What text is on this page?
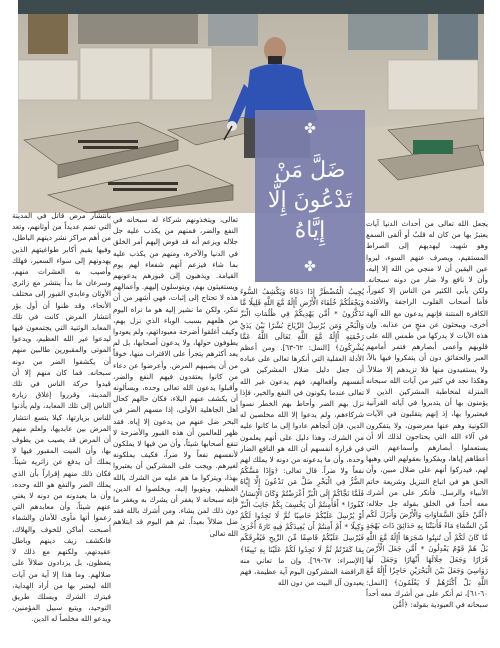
✤
ضَلَّ مَنْ
تَدْعُونَ إِلَّا
إِيَّاهُ
✤

يجعل الله تعالى من أحداث الدنيا آيات يعتبرُ بها من كان له قلبٌ أو ألقى السمع وهو شهيد، ليهديهم إلى الصراط المستقيم، ويصرف عنهم السوء، ليروا عين اليقين أن لا منجي من الله إلا إليه، وأن لا نافع ولا ضار من دونه سبحانه. ولكن يأبى الكثير من الناس إلا كفوراً، فأما أصحاب القلوب الراجفة والأفئدة الكافرة المنتنة فإنهم يدعون مع الله آلهة أخرى، ويبحثون عن منجٍ من عذابه. وإن هذه الآيات لا يدركها من طمس الله على قلوبهم وأعمى أبصارهم فتمر أمامهم العبر والحقائق دون أن يتفكروا فيها بالاً، ولا يستفيدون منها فلا تزيدهم إلا ضلالاً. وهكذا نجد في كثير من آيات الله سبحانه المنزلة لمخاطبة المشركين الذين لا يؤمنون بها أن يتدبروا في آياته القرآنية فيعتبروا بها، إذ إنهم يتقلبون في الآيات الكونية وهم عنها معرضون، ولا يتفكرون في آلاء الله التي يحتاجون لذلك ألا أن يستعملوا أبصارهم وأسماعهم التي أعطاهم إياها، ويفكروا بعقولهم التي وهبها لهم، فيدركوا أنهم على ضلال مبين، وأن الحق هو في اتباع التنزيل وشريعة خاتم الأنبياء والرسل. فأنكر على من أشرك معه أحداً في الخلق بقوله جل جلاله: ﴿أَمَّنْ خَلَقَ السَّمَاوَاتِ وَالْأَرْضَ وَأَنزَلَ لَكُم مِّنَ السَّمَاءِ مَاءً فَأَنبَتْنَا بِهِ حَدَائِقَ ذَاتَ بَهْجَةٍ مَّا كَانَ لَكُمْ أَن تُنبِتُوا شَجَرَهَا أَإِلَٰهٌ مَّعَ اللَّهِ بَلْ هُمْ قَوْمٌ يَعْدِلُونَ * أَمَّن جَعَلَ الْأَرْضَ قَرَارًا وَجَعَلَ خِلَالَهَا أَنْهَارًا وَجَعَلَ لَهَا رَوَاسِيَ وَجَعَلَ بَيْنَ الْبَحْرَيْنِ حَاجِزًا أَإِلَٰهٌ مَّعَ اللَّهِ بَلْ أَكْثَرُهُمْ لَا يَعْلَمُونَ﴾ [النمل: ٦٠-٦١]، ثم أنكر على من أشرك معه أحداً سبحانه في العبودية بقوله: ﴿أَمَّن

يُجِيبُ الْمُضْطَرَّ إِذَا دَعَاهُ وَيَكْشِفُ السُّوءَ وَيَجْعَلُكُمْ خُلَفَاءَ الْأَرْضِ أَإِلَٰهٌ مَّعَ اللَّهِ قَلِيلًا مَّا تَذَكَّرُونَ * أَمَّن يَهْدِيكُمْ فِي ظُلُمَاتِ الْبَرِّ وَالْبَحْرِ وَمَن يُرْسِلُ الرِّيَاحَ بُشْرًا بَيْنَ يَدَيْ رَحْمَتِهِ أَإِلَٰهٌ مَّعَ اللَّهِ تَعَالَى اللَّهُ عَمَّا يُشْرِكُونَ﴾ [النمل: ٦٢-٦٣]. ومن أعظم الأدلة العقلية التي أنكرها تعالى على عباده أن جعل دليل ضلال المشركين في أنفسهم وأفعالهم، فهم يدعون غير الله تعالى عندما يكونون في النفع والخير، فإذا نزل بهم الضر وأحاط بهم الخطر نسوا شركاءهم، ولم يدعوا إلا الله مخلصين له الدين، فإن أنجاهم عادوا إلى ما كانوا عليه من الشرك، وهذا دليل على أنهم يعلمون في قرارة أنفسهم أن الله هو النافع الضار وحده، وأن ما يدعونه من دونه لا يملك لهم نفعاً ولا ضراً. قال تعالى: ﴿وَإِذَا مَسَّكُمُ الضُّرُّ فِي الْبَحْرِ ضَلَّ مَن تَدْعُونَ إِلَّا إِيَّاهُ فَلَمَّا نَجَّاكُمْ إِلَى الْبَرِّ أَعْرَضْتُمْ وَكَانَ الْإِنسَانُ كَفُورًا * أَفَأَمِنتُمْ أَن يَخْسِفَ بِكُمْ جَانِبَ الْبَرِّ أَوْ يُرْسِلَ عَلَيْكُمْ حَاصِبًا ثُمَّ لَا تَجِدُوا لَكُمْ وَكِيلًا * أَمْ أَمِنتُمْ أَن يُعِيدَكُمْ فِيهِ تَارَةً أُخْرَىٰ فَيُرْسِلَ عَلَيْكُمْ قَاصِفًا مِّنَ الرِّيحِ فَيُغْرِقَكُم بِمَا كَفَرْتُمْ ثُمَّ لَا تَجِدُوا لَكُمْ عَلَيْنَا بِهِ تَبِيعًا﴾ [الإسراء: ٦٧-٦٩]. وإن ما تعاني منه الرافضة المشركون اليوم آية عظيمة، فهم يعبدون آل البيت من دون الله

تعالى، ويتخذونهم شركاء له سبحانه في النفع والضر، فمنهم من يكذب عليه جل جلاله ويزعم أنه قد فوض إليهم أمر الخلق في الدنيا والآخرة، ومنهم من يكذب عليه بما شاء فيزعم أنهم شفعاء لهم يوم القيامة. ويذهبون إلى قبورهم يدعونهم ويستغيثون بهم، ويتوسلون إليهم. وأعمالهم هذه لا تحتاج إلى إثبات، فهي أشهر من أن تنكر، ولكن ما نشير إليه هو ما نراه اليوم من هلعهم بسبب الوباء الذي نزل بهم، وكيف أغلقوا أضرحة معبوداتهم، ولم يعودوا يطوفون حولها، ولا يدعون أصحابها، بل لم يعد أكثرهم يتجرأ على الاقتراب منها، خوفاً من أن يصيبهم المرض. وأعرضوا عن دعاء من كانوا يعتقدون فيهم النفع والضر، وأقبلوا يدعون الله تعالى وحده، ويسألونه أن يكشف عنهم البلاء، فكان حالهم كحال أهل الجاهلية الأولى، إذا مسهم الضر في البحر ضل عنهم من يدعون إلا إياه. فقد ظهر للعالمين أن هذه القبور والأضرحة لا تنفع أصحابها شيئاً، وأن من فيها لا يملكون لأنفسهم نفعاً ولا ضراً، فكيف يملكونه لغيرهم. ويجب على المشركين أن يعتبروا بهذا، ويتركوا ما هم عليه من الشرك بالله العظيم، ويتوبوا إليه، ويخلصوا له الدين، فإنه سبحانه لا يغفر أن يشرك به ويغفر ما دون ذلك لمن يشاء. ومن أشرك بالله فقد ضل ضلالاً بعيداً. ثم هم اليوم قد ابتلاهم الله تعالى

بانتشار مرض قاتل في المدينة التي تضم عديداً من أوثانهم، وتعد من أهم مراكز نشر دينهم الباطل، وفيها يقيم أكابر طواغيتهم الذين يهدونهم إلى سواء السعير، فهلك وأصيب به العشرات منهم، وسرعان ما بدأ ينتشر مع زائري الأوثان وعابدي القبور إلى مختلف الأنحاء، وقد ظنوا أن أول بؤر انتشار المرض كانت في تلك المعابد الوثنية التي يجتمعون فيها ليدعوا غير الله العظيم، ويدعوا الموتى والمقبورين طالبين منهم أن يكشفوا الضر من دونه سبحانه. فما كان منهم إلا أن قيدوا حركة الناس في تلك المدينة، وقرروا إغلاق زيارة الناس إلى تلك المعابد، ولم يأذنوا للناس بزيارتها، كيلا يتسع انتشار المرض بين عابديها، ولعلم منهم أن المرض قد يصيب من يطوف بها، وأن الميت المقبور فيها لا يملك أن يدفع عن زائريه شيئاً. فكان ذلك منهم إقراراً بأن الذي يملك الضر والنفع هو الله وحده، وأن ما يعبدونه من دونه لا يغني عنهم شيئاً، وأن معابدهم التي زعموا أنها مأوى للأمان والشفاء أصبحت أماكن للخوف والهلاك، فانكشف زيف دينهم وباطل عقيدتهم، ولكنهم مع ذلك لا يتعظون، بل يزدادون ضلالاً على ضلالهم. وما هذا إلا آية من آيات الله ليعتبر بها من أراد الهداية، فيترك الشرك ويسلك طريق التوحيد، ويتبع سبيل المؤمنين، ويدعو الله مخلصاً له الدين.
